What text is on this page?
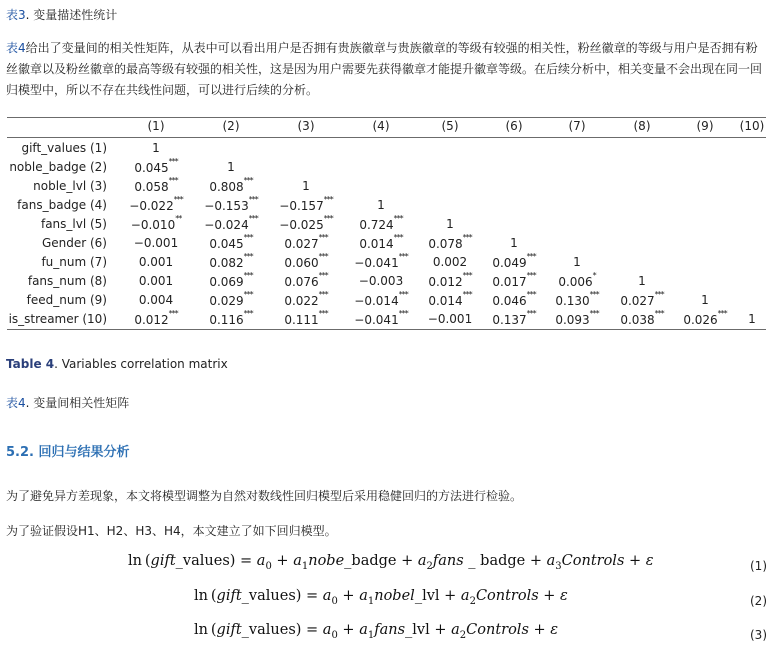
表3. 变量描述性统计
表4给出了变量间的相关性矩阵，从表中可以看出用户是否拥有贵族徽章与贵族徽章的等级有较强的相关性，粉丝徽章的等级与用户是否拥有粉丝徽章以及粉丝徽章的最高等级有较强的相关性，这是因为用户需要先获得徽章才能提升徽章等级。在后续分析中，相关变量不会出现在同一回归模型中，所以不存在共线性问题，可以进行后续的分析。
(1)	(2)	(3)	(4)	(5)	(6)	(7)	(8)	(9) (10)
gift_values (1)	1
noble_badge (2) 0.045***	1
noble_lvl (3) 0.058***	0.808***	1
fans_badge (4) −0.022*** −0.153*** −0.157***	1
fans_lvl (5) −0.010** −0.024*** −0.025*** 0.724***	1
Gender (6) −0.001	0.045***	0.027***	0.014*** 0.078***	1
fu_num (7)	0.001	0.082***	0.060*** −0.041*** 0.002 0.049***	1
fans_num (8)	0.001	0.069***	0.076***	−0.003 0.012*** 0.017*** 0.006*	1
feed_num (9)	0.004	0.029***	0.022*** −0.014*** 0.014*** 0.046*** 0.130*** 0.027***	1
is_streamer (10) 0.012***	0.116***	0.111*** −0.041*** −0.001 0.137*** 0.093*** 0.038*** 0.026*** 1
Table 4. Variables correlation matrix
表4. 变量间相关性矩阵
5.2. 回归与结果分析
为了避免异方差现象，本文将模型调整为自然对数线性回归模型后采用稳健回归的方法进行检验。
为了验证假设H1、H2、H3、H4，本文建立了如下回归模型。
ln (gift_values) = $a_0$ + $a_1nobe\_badge$ + $a_2fans$ _ badge + $a_3Controls + \varepsilon$	(1)
ln (gift_values) = $a_0$ + $a_1nobel\_lvl$ + $a_2Controls + \varepsilon$	(2)
ln (gift_values) = $a_0$ + $a_1fans\_lvl$ + $a_2Controls + \varepsilon$	(3)
